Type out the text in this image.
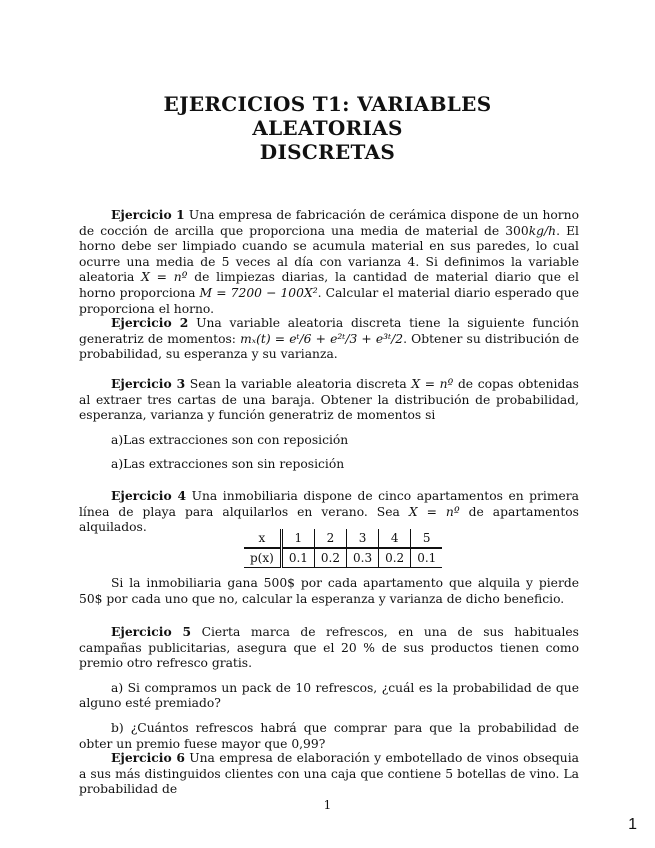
EJERCICIOS T1: VARIABLES ALEATORIAS
DISCRETAS

Ejercicio 1 Una empresa de fabricación de cerámica dispone de un horno de cocción de arcilla que proporciona una media de material de 300kg/h. El horno debe ser limpiado cuando se acumula material en sus paredes, lo cual ocurre una media de 5 veces al día con varianza 4. Si definimos la variable aleatoria X = nº de limpiezas diarias, la cantidad de material diario que el horno proporciona M = 7200 − 100X². Calcular el material diario esperado que proporciona el horno.

Ejercicio 2 Una variable aleatoria discreta tiene la siguiente función generatriz de momentos: mₓ(t) = eᵗ/6 + e²ᵗ/3 + e³ᵗ/2. Obtener su distribución de probabilidad, su esperanza y su varianza.

Ejercicio 3 Sean la variable aleatoria discreta X = nº de copas obtenidas al extraer tres cartas de una baraja. Obtener la distribución de probabilidad, esperanza, varianza y función generatriz de momentos si

a)Las extracciones son con reposición

a)Las extracciones son sin reposición

Ejercicio 4 Una inmobiliaria dispone de cinco apartamentos en primera línea de playa para alquilarlos en verano. Sea X = nº de apartamentos alquilados.

x	1	2	3	4	5
p(x)	0.1	0.2	0.3	0.2	0.1

Si la inmobiliaria gana 500$ por cada apartamento que alquila y pierde 50$ por cada uno que no, calcular la esperanza y varianza de dicho beneficio.

Ejercicio 5 Cierta marca de refrescos, en una de sus habituales campañas publicitarias, asegura que el 20 % de sus productos tienen como premio otro refresco gratis.

a) Si compramos un pack de 10 refrescos, ¿cuál es la probabilidad de que alguno esté premiado?

b) ¿Cuántos refrescos habrá que comprar para que la probabilidad de obter un premio fuese mayor que 0,99?

Ejercicio 6 Una empresa de elaboración y embotellado de vinos obsequia a sus más distinguidos clientes con una caja que contiene 5 botellas de vino. La probabilidad de

1
1
